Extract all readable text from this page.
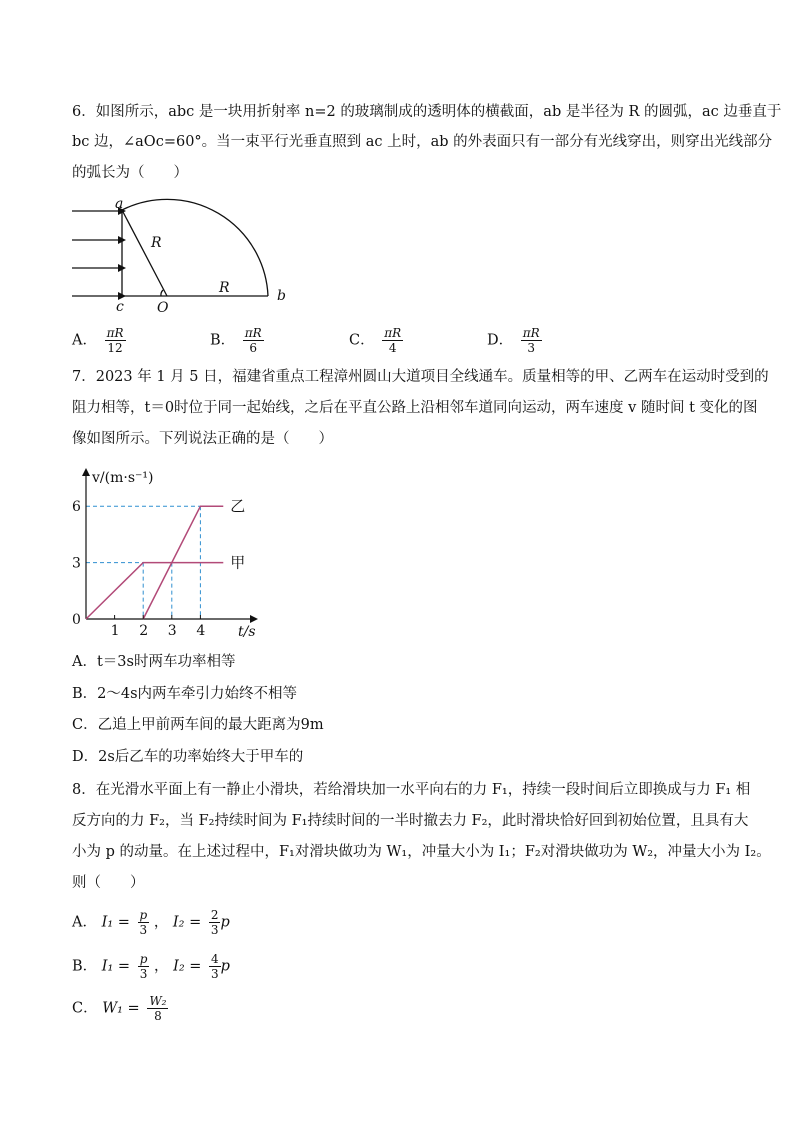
6．如图所示，abc 是一块用折射率 n=2 的玻璃制成的透明体的横截面，ab 是半径为 R 的圆弧，ac 边垂直于
bc 边，∠aOc=60°。当一束平行光垂直照到 ac 上时，ab 的外表面只有一部分有光线穿出，则穿出光线部分
的弧长为（　　）
a
R
R
c O
b
A． $\frac{\pi R}{12}$	B． $\frac{\pi R}{6}$	C． $\frac{\pi R}{4}$	D． $\frac{\pi R}{3}$
7．2023 年 1 月 5 日，福建省重点工程漳州圆山大道项目全线通车。质量相等的甲、乙两车在运动时受到的
阻力相等，t＝0时位于同一起始线，之后在平直公路上沿相邻车道同向运动，两车速度 v 随时间 t 变化的图
像如图所示。下列说法正确的是（　　）
甲
乙
1 2 3 4
0
3
6
v/(m·s⁻¹)
t/s
A．t＝3s时两车功率相等
B．2～4s内两车牵引力始终不相等
C．乙追上甲前两车间的最大距离为9m
D．2s后乙车的功率始终大于甲车的
8．在光滑水平面上有一静止小滑块，若给滑块加一水平向右的力 F₁，持续一段时间后立即换成与力 F₁ 相
反方向的力 F₂，当 F₂持续时间为 F₁持续时间的一半时撤去力 F₂，此时滑块恰好回到初始位置，且具有大
小为 p 的动量。在上述过程中，F₁对滑块做功为 W₁，冲量大小为 I₁；F₂对滑块做功为 W₂，冲量大小为 I₂。
则（　　）
A． $I_1 = \frac{p}{3}$ ， $I_2 = \frac{2}{3}$ p
B． $I_1 = \frac{p}{3}$ ， $I_2 = \frac{4}{3}$ p
C． $W_1 = \frac{\text{W₂}}{8}$
